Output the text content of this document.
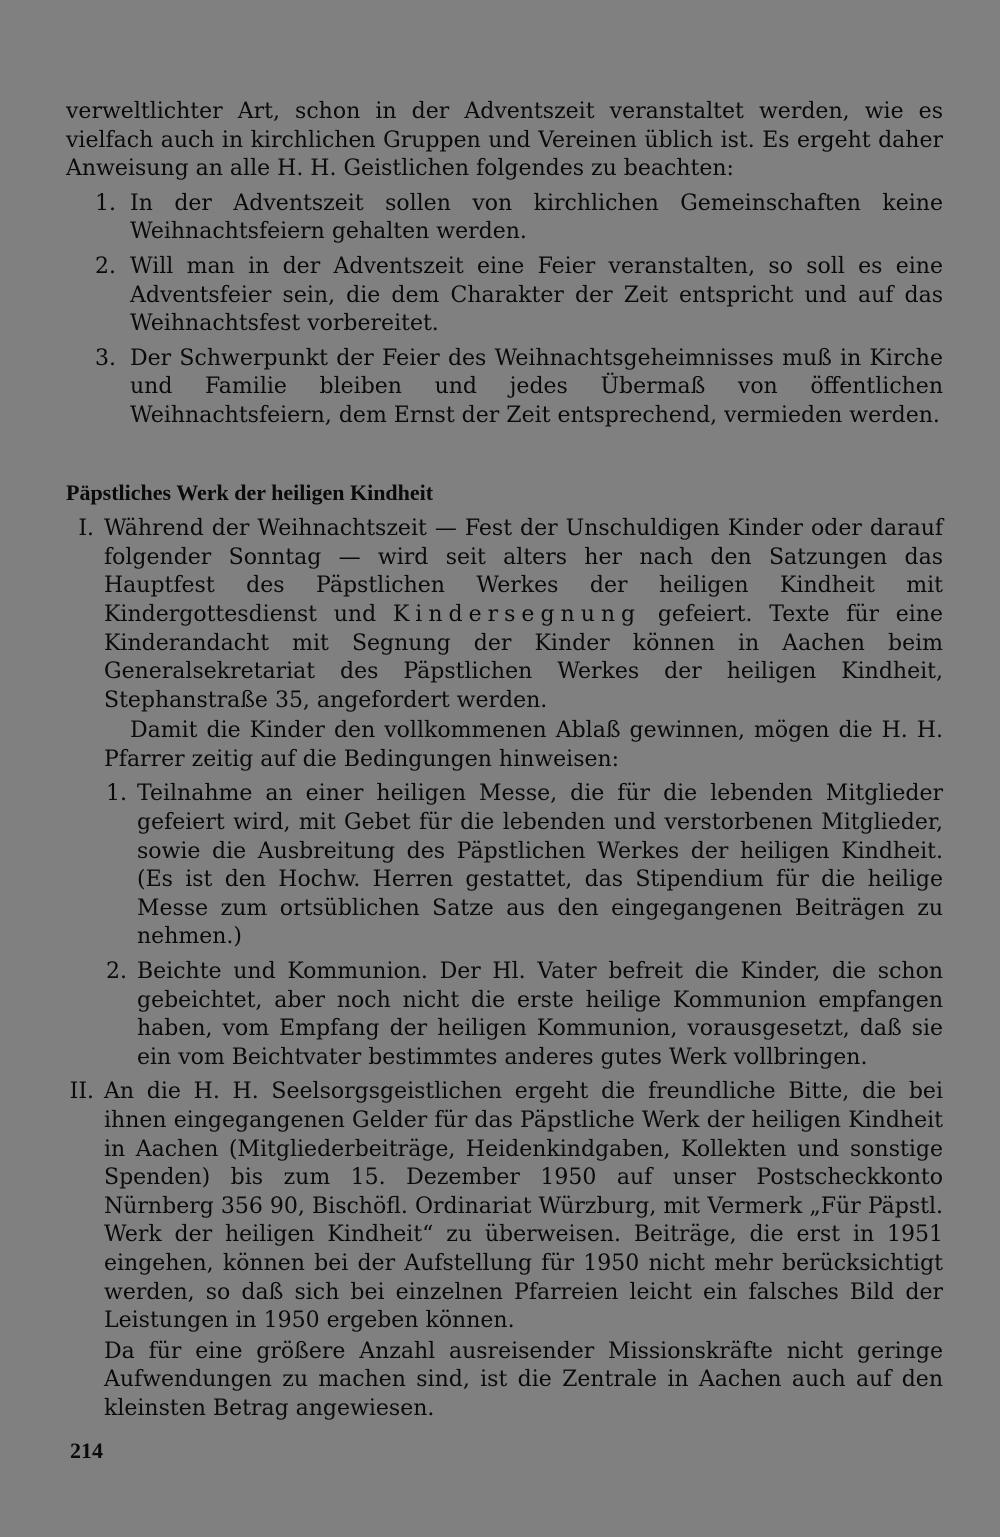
verweltlichter Art, schon in der Adventszeit veranstaltet werden, wie es vielfach auch in kirchlichen Gruppen und Vereinen üblich ist. Es ergeht daher Anweisung an alle H. H. Geistlichen folgendes zu beachten:

1. In der Adventszeit sollen von kirchlichen Gemeinschaften keine Weihnachtsfeiern gehalten werden.
2. Will man in der Adventszeit eine Feier veranstalten, so soll es eine Adventsfeier sein, die dem Charakter der Zeit entspricht und auf das Weihnachtsfest vorbereitet.
3. Der Schwerpunkt der Feier des Weihnachtsgeheimnisses muß in Kirche und Familie bleiben und jedes Übermaß von öffentlichen Weihnachtsfeiern, dem Ernst der Zeit entsprechend, vermieden werden.
Päpstliches Werk der heiligen Kindheit
I. Während der Weihnachtszeit — Fest der Unschuldigen Kinder oder darauf folgender Sonntag — wird seit alters her nach den Satzungen das Hauptfest des Päpstlichen Werkes der heiligen Kindheit mit Kindergottesdienst und Kindersegnung gefeiert. Texte für eine Kinderandacht mit Segnung der Kinder können in Aachen beim Generalsekretariat des Päpstlichen Werkes der heiligen Kindheit, Stephanstraße 35, angefordert werden.

Damit die Kinder den vollkommenen Ablaß gewinnen, mögen die H. H. Pfarrer zeitig auf die Bedingungen hinweisen:

1. Teilnahme an einer heiligen Messe, die für die lebenden Mitglieder gefeiert wird, mit Gebet für die lebenden und verstorbenen Mitglieder, sowie die Ausbreitung des Päpstlichen Werkes der heiligen Kindheit. (Es ist den Hochw. Herren gestattet, das Stipendium für die heilige Messe zum ortsüblichen Satze aus den eingegangenen Beiträgen zu nehmen.)
2. Beichte und Kommunion. Der Hl. Vater befreit die Kinder, die schon gebeichtet, aber noch nicht die erste heilige Kommunion empfangen haben, vom Empfang der heiligen Kommunion, vorausgesetzt, daß sie ein vom Beichtvater bestimmtes anderes gutes Werk vollbringen.
II. An die H. H. Seelsorgsgeistlichen ergeht die freundliche Bitte, die bei ihnen eingegangenen Gelder für das Päpstliche Werk der heiligen Kindheit in Aachen (Mitgliederbeiträge, Heidenkindgaben, Kollekten und sonstige Spenden) bis zum 15. Dezember 1950 auf unser Postscheckkonto Nürnberg 356 90, Bischöfl. Ordinariat Würzburg, mit Vermerk „Für Päpstl. Werk der heiligen Kindheit“ zu überweisen. Beiträge, die erst in 1951 eingehen, können bei der Aufstellung für 1950 nicht mehr berücksichtigt werden, so daß sich bei einzelnen Pfarreien leicht ein falsches Bild der Leistungen in 1950 ergeben können.

Da für eine größere Anzahl ausreisender Missionskräfte nicht geringe Aufwendungen zu machen sind, ist die Zentrale in Aachen auch auf den kleinsten Betrag angewiesen.

214
